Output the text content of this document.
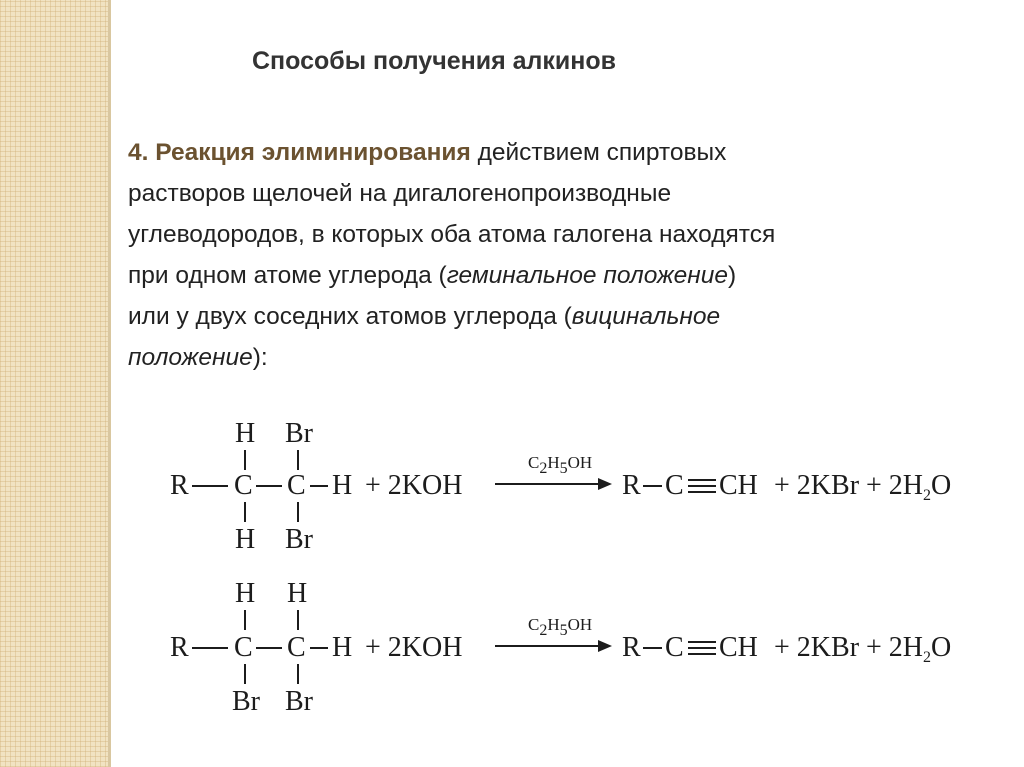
Способы получения алкинов
4. Реакция элиминирования действием спиртовых
растворов щелочей на дигалогенопроизводные
углеводородов, в которых оба атома галогена находятся
при одном атоме углерода (геминальное положение)
или у двух соседних атомов углерода (вицинальное
положение):
H Br
R C C H
H Br
+ 2KOH
C2H5OH
R C CH + $2KBr + 2H_2O$
H H
R C C H
Br Br
+ 2KOH
C2H5OH
R C CH + $2KBr + 2H_2O$
